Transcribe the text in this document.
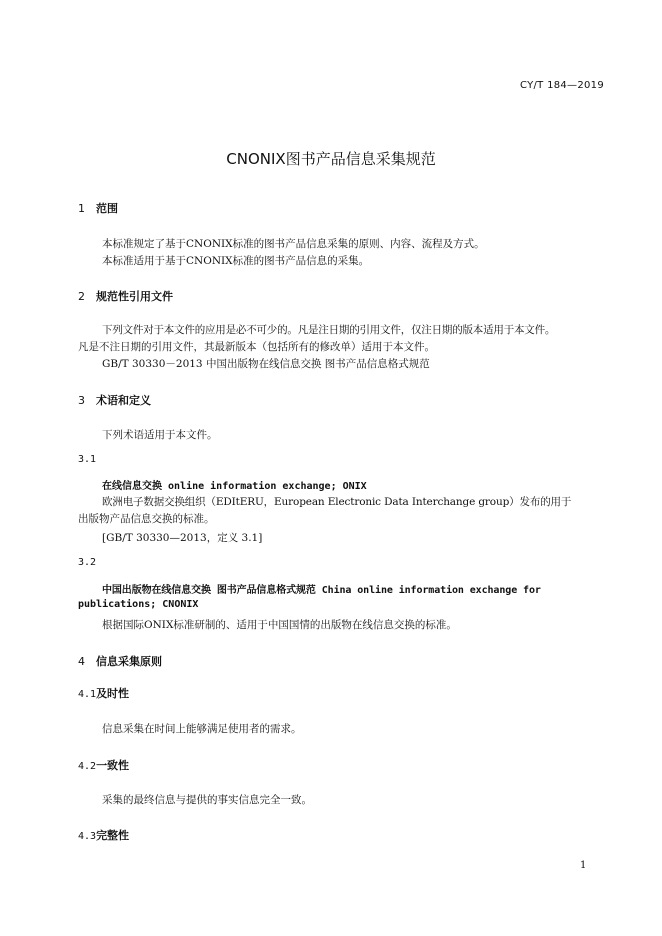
CY/T 184—2019
CNONIX图书产品信息采集规范
1 范围
本标准规定了基于CNONIX标准的图书产品信息采集的原则、内容、流程及方式。
本标准适用于基于CNONIX标准的图书产品信息的采集。
2 规范性引用文件
下列文件对于本文件的应用是必不可少的。凡是注日期的引用文件，仅注日期的版本适用于本文件。
凡是不注日期的引用文件，其最新版本（包括所有的修改单）适用于本文件。
GB/T 30330－2013 中国出版物在线信息交换 图书产品信息格式规范
3 术语和定义
下列术语适用于本文件。
3.1
在线信息交换 online information exchange; ONIX
欧洲电子数据交换组织（EDItERU，European Electronic Data Interchange group）发布的用于
出版物产品信息交换的标准。
[GB/T 30330—2013，定义 3.1]
3.2
中国出版物在线信息交换 图书产品信息格式规范 China online information exchange for
publications; CNONIX
根据国际ONIX标准研制的、适用于中国国情的出版物在线信息交换的标准。
4 信息采集原则
4.1及时性
信息采集在时间上能够满足使用者的需求。
4.2一致性
采集的最终信息与提供的事实信息完全一致。
4.3完整性
1
